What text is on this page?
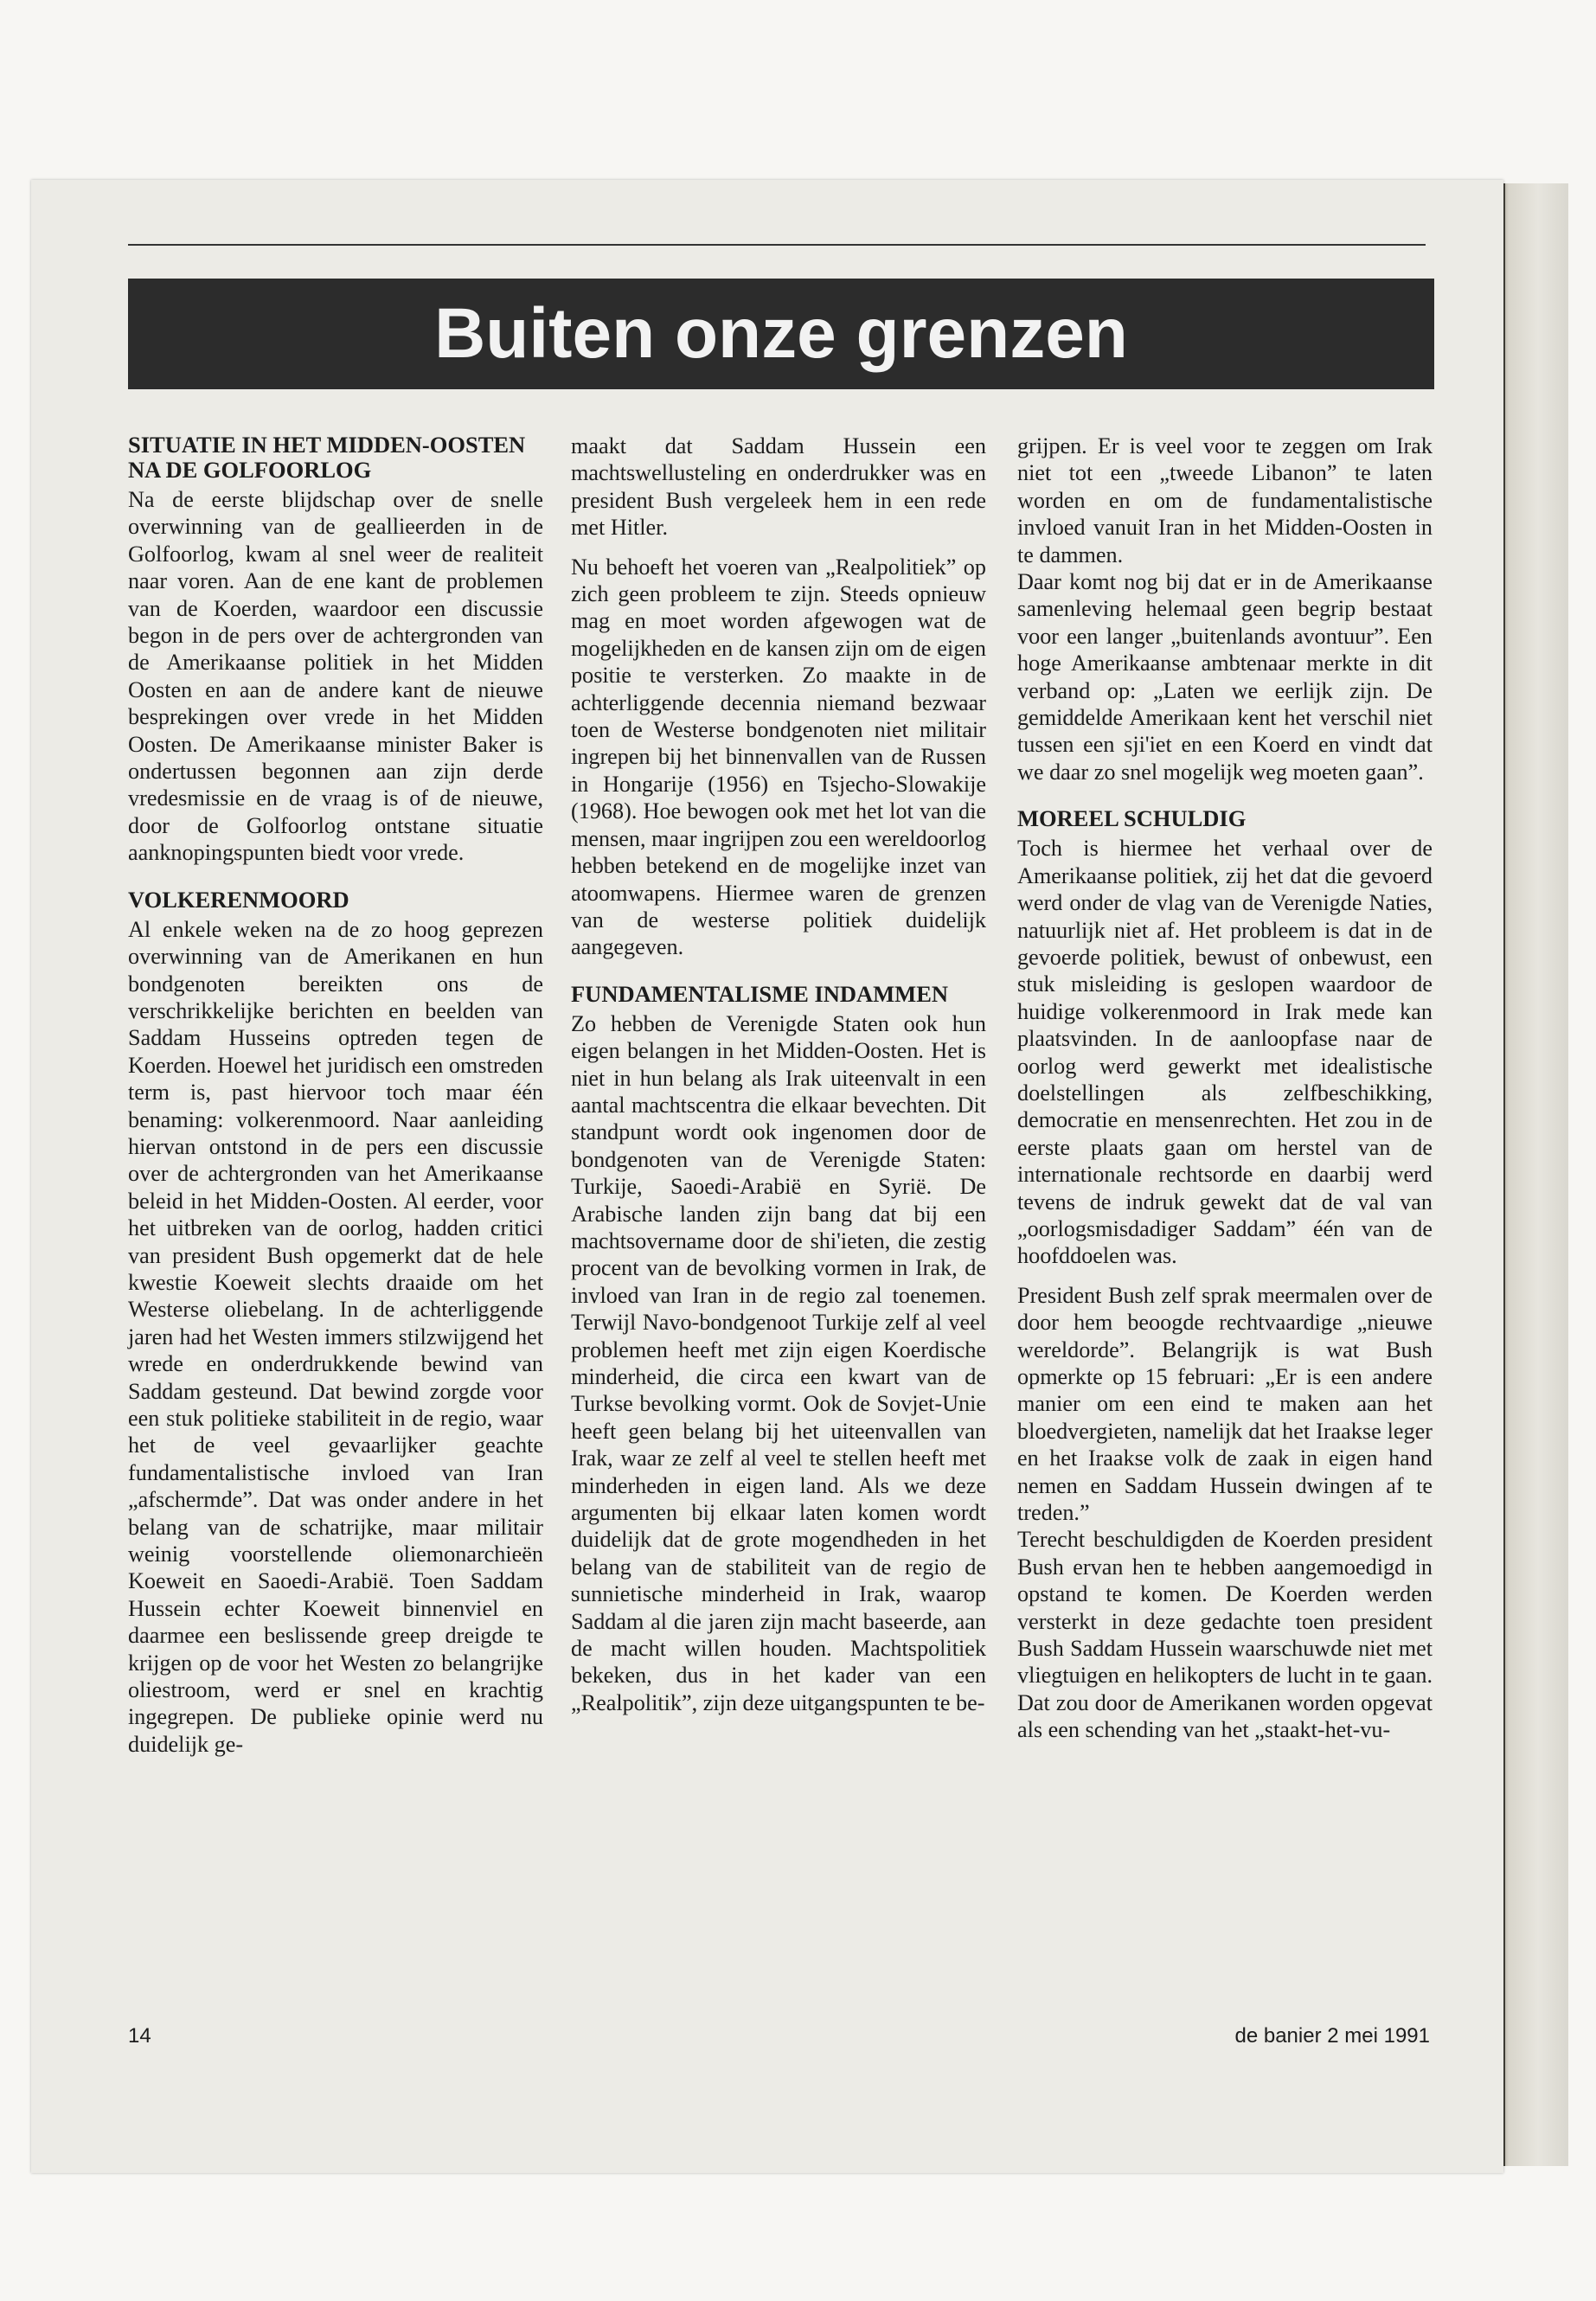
Buiten onze grenzen
SITUATIE IN HET MIDDEN-OOSTEN NA DE GOLFOORLOG

Na de eerste blijdschap over de snelle overwinning van de geallieerden in de Golfoorlog, kwam al snel weer de realiteit naar voren. Aan de ene kant de problemen van de Koerden, waardoor een discussie begon in de pers over de achtergronden van de Amerikaanse politiek in het Midden Oosten en aan de andere kant de nieuwe besprekingen over vrede in het Midden Oosten. De Amerikaanse minister Baker is ondertussen begonnen aan zijn derde vredesmissie en de vraag is of de nieuwe, door de Golfoorlog ontstane situatie aanknopingspunten biedt voor vrede.

VOLKERENMOORD

Al enkele weken na de zo hoog geprezen overwinning van de Amerikanen en hun bondgenoten bereikten ons de verschrikkelijke berichten en beelden van Saddam Husseins optreden tegen de Koerden. Hoewel het juridisch een omstreden term is, past hiervoor toch maar één benaming: volkerenmoord. Naar aanleiding hiervan ontstond in de pers een discussie over de achtergronden van het Amerikaanse beleid in het Midden-Oosten. Al eerder, voor het uitbreken van de oorlog, hadden critici van president Bush opgemerkt dat de hele kwestie Koeweit slechts draaide om het Westerse oliebelang. In de achterliggende jaren had het Westen immers stilzwijgend het wrede en onderdrukkende bewind van Saddam gesteund. Dat bewind zorgde voor een stuk politieke stabiliteit in de regio, waar het de veel gevaarlijker geachte fundamentalistische invloed van Iran „afschermde”. Dat was onder andere in het belang van de schatrijke, maar militair weinig voorstellende oliemonarchieën Koeweit en Saoedi-Arabië. Toen Saddam Hussein echter Koeweit binnenviel en daarmee een beslissende greep dreigde te krijgen op de voor het Westen zo belangrijke oliestroom, werd er snel en krachtig ingegrepen. De publieke opinie werd nu duidelijk ge-

maakt dat Saddam Hussein een machtswellusteling en onderdrukker was en president Bush vergeleek hem in een rede met Hitler.

Nu behoeft het voeren van „Realpolitiek” op zich geen probleem te zijn. Steeds opnieuw mag en moet worden afgewogen wat de mogelijkheden en de kansen zijn om de eigen positie te versterken. Zo maakte in de achterliggende decennia niemand bezwaar toen de Westerse bondgenoten niet militair ingrepen bij het binnenvallen van de Russen in Hongarije (1956) en Tsjecho-Slowakije (1968). Hoe bewogen ook met het lot van die mensen, maar ingrijpen zou een wereldoorlog hebben betekend en de mogelijke inzet van atoomwapens. Hiermee waren de grenzen van de westerse politiek duidelijk aangegeven.

FUNDAMENTALISME INDAMMEN

Zo hebben de Verenigde Staten ook hun eigen belangen in het Midden-Oosten. Het is niet in hun belang als Irak uiteenvalt in een aantal machtscentra die elkaar bevechten. Dit standpunt wordt ook ingenomen door de bondgenoten van de Verenigde Staten: Turkije, Saoedi-Arabië en Syrië. De Arabische landen zijn bang dat bij een machtsovername door de shi'ieten, die zestig procent van de bevolking vormen in Irak, de invloed van Iran in de regio zal toenemen. Terwijl Navo-bondgenoot Turkije zelf al veel problemen heeft met zijn eigen Koerdische minderheid, die circa een kwart van de Turkse bevolking vormt. Ook de Sovjet-Unie heeft geen belang bij het uiteenvallen van Irak, waar ze zelf al veel te stellen heeft met minderheden in eigen land. Als we deze argumenten bij elkaar laten komen wordt duidelijk dat de grote mogendheden in het belang van de stabiliteit van de regio de sunnietische minderheid in Irak, waarop Saddam al die jaren zijn macht baseerde, aan de macht willen houden. Machtspolitiek bekeken, dus in het kader van een „Realpolitik”, zijn deze uitgangspunten te be-

grijpen. Er is veel voor te zeggen om Irak niet tot een „tweede Libanon” te laten worden en om de fundamentalistische invloed vanuit Iran in het Midden-Oosten in te dammen.

Daar komt nog bij dat er in de Amerikaanse samenleving helemaal geen begrip bestaat voor een langer „buitenlands avontuur”. Een hoge Amerikaanse ambtenaar merkte in dit verband op: „Laten we eerlijk zijn. De gemiddelde Amerikaan kent het verschil niet tussen een sji'iet en een Koerd en vindt dat we daar zo snel mogelijk weg moeten gaan”.

MOREEL SCHULDIG

Toch is hiermee het verhaal over de Amerikaanse politiek, zij het dat die gevoerd werd onder de vlag van de Verenigde Naties, natuurlijk niet af. Het probleem is dat in de gevoerde politiek, bewust of onbewust, een stuk misleiding is geslopen waardoor de huidige volkerenmoord in Irak mede kan plaatsvinden. In de aanloopfase naar de oorlog werd gewerkt met idealistische doelstellingen als zelfbeschikking, democratie en mensenrechten. Het zou in de eerste plaats gaan om herstel van de internationale rechtsorde en daarbij werd tevens de indruk gewekt dat de val van „oorlogsmisdadiger Saddam” één van de hoofddoelen was.

President Bush zelf sprak meermalen over de door hem beoogde rechtvaardige „nieuwe wereldorde”. Belangrijk is wat Bush opmerkte op 15 februari: „Er is een andere manier om een eind te maken aan het bloedvergieten, namelijk dat het Iraakse leger en het Iraakse volk de zaak in eigen hand nemen en Saddam Hussein dwingen af te treden.”

Terecht beschuldigden de Koerden president Bush ervan hen te hebben aangemoedigd in opstand te komen. De Koerden werden versterkt in deze gedachte toen president Bush Saddam Hussein waarschuwde niet met vliegtuigen en helikopters de lucht in te gaan. Dat zou door de Amerikanen worden opgevat als een schending van het „staakt-het-vu-

14	de banier 2 mei 1991
